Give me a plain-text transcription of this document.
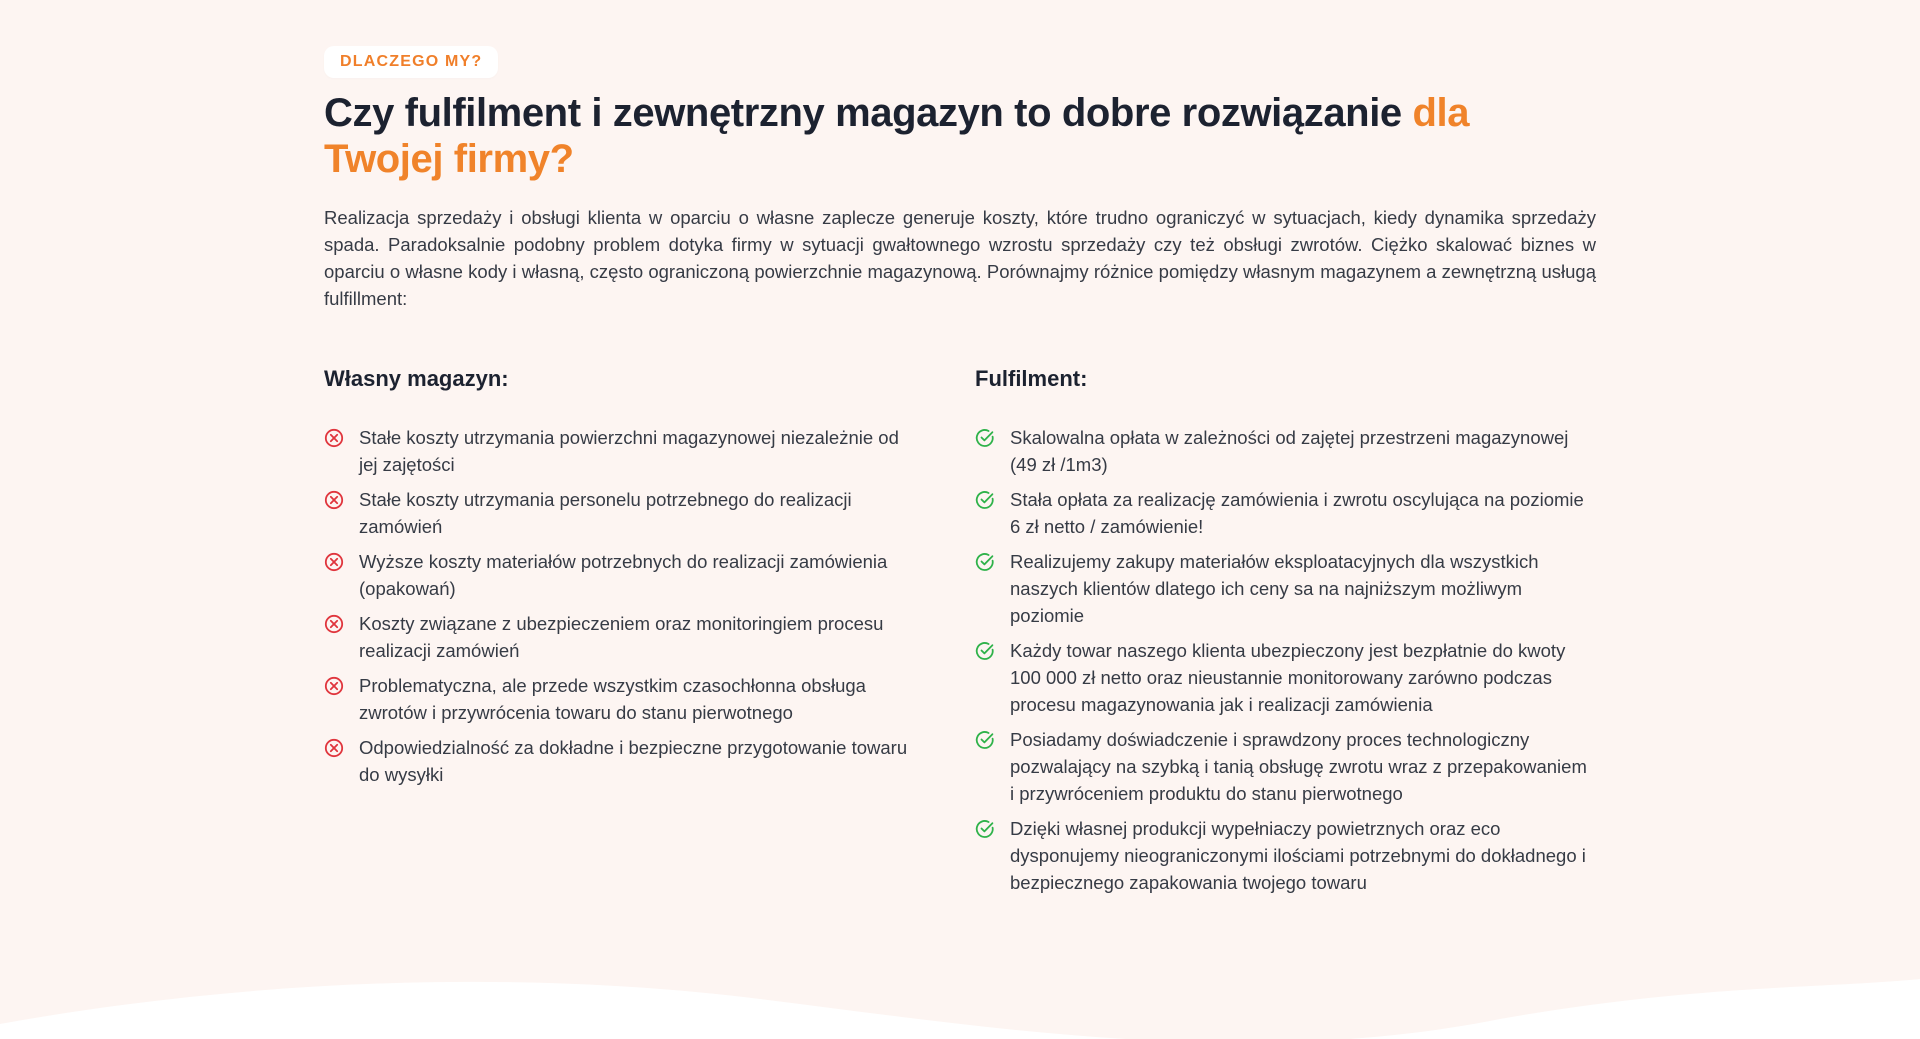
DLACZEGO MY?
Czy fulfilment i zewnętrzny magazyn to dobre rozwiązanie dla Twojej firmy?

Realizacja sprzedaży i obsługi klienta w oparciu o własne zaplecze generuje koszty, które trudno ograniczyć w sytuacjach, kiedy dynamika sprzedaży spada. Paradoksalnie podobny problem dotyka firmy w sytuacji gwałtownego wzrostu sprzedaży czy też obsługi zwrotów. Ciężko skalować biznes w oparciu o własne kody i własną, często ograniczoną powierzchnie magazynową. Porównajmy różnice pomiędzy własnym magazynem a zewnętrzną usługą fulfillment:

Własny magazyn:
Stałe koszty utrzymania powierzchni magazynowej niezależnie od jej zajętości
Stałe koszty utrzymania personelu potrzebnego do realizacji zamówień
Wyższe koszty materiałów potrzebnych do realizacji zamówienia (opakowań)
Koszty związane z ubezpieczeniem oraz monitoringiem procesu realizacji zamówień
Problematyczna, ale przede wszystkim czasochłonna obsługa zwrotów i przywrócenia towaru do stanu pierwotnego
Odpowiedzialność za dokładne i bezpieczne przygotowanie towaru do wysyłki
Fulfilment:
Skalowalna opłata w zależności od zajętej przestrzeni magazynowej (49 zł /1m3)
Stała opłata za realizację zamówienia i zwrotu oscylująca na poziomie 6 zł netto / zamówienie!
Realizujemy zakupy materiałów eksploatacyjnych dla wszystkich naszych klientów dlatego ich ceny sa na najniższym możliwym poziomie
Każdy towar naszego klienta ubezpieczony jest bezpłatnie do kwoty 100 000 zł netto oraz nieustannie monitorowany zarówno podczas procesu magazynowania jak i realizacji zamówienia
Posiadamy doświadczenie i sprawdzony proces technologiczny pozwalający na szybką i tanią obsługę zwrotu wraz z przepakowaniem i przywróceniem produktu do stanu pierwotnego
Dzięki własnej produkcji wypełniaczy powietrznych oraz eco dysponujemy nieograniczonymi ilościami potrzebnymi do dokładnego i bezpiecznego zapakowania twojego towaru
